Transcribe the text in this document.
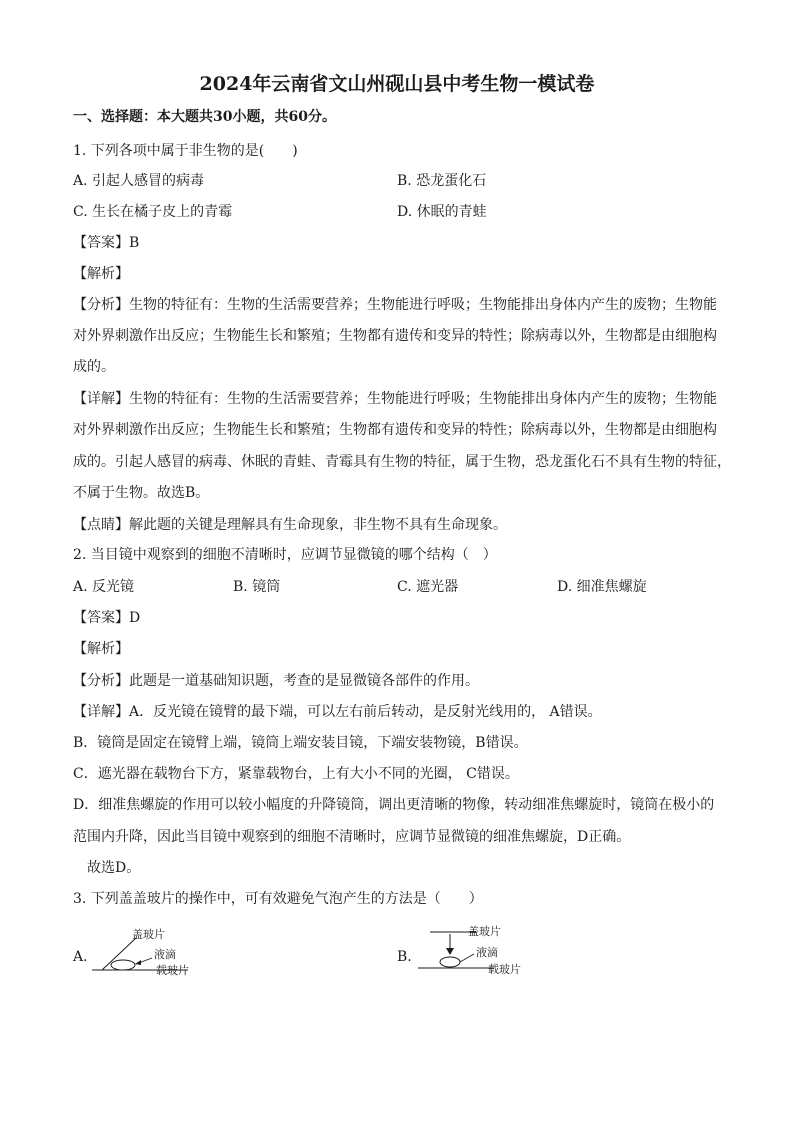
2024年云南省文山州砚山县中考生物一模试卷
一、选择题：本大题共30小题，共60分。
1. 下列各项中属于非生物的是(　　)
A. 引起人感冒的病毒	B. 恐龙蛋化石
C. 生长在橘子皮上的青霉	D. 休眠的青蛙
【答案】B
【解析】
【分析】生物的特征有：生物的生活需要营养；生物能进行呼吸；生物能排出身体内产生的废物；生物能
对外界刺激作出反应；生物能生长和繁殖；生物都有遗传和变异的特性；除病毒以外，生物都是由细胞构
成的。
【详解】生物的特征有：生物的生活需要营养；生物能进行呼吸；生物能排出身体内产生的废物；生物能
对外界刺激作出反应；生物能生长和繁殖；生物都有遗传和变异的特性；除病毒以外，生物都是由细胞构
成的。引起人感冒的病毒、休眠的青蛙、青霉具有生物的特征，属于生物，恐龙蛋化石不具有生物的特征，
不属于生物。故选B。
【点睛】解此题的关键是理解具有生命现象，非生物不具有生命现象。
2. 当目镜中观察到的细胞不清晰时，应调节显微镜的哪个结构（　）
A. 反光镜	B. 镜筒	C. 遮光器	D. 细准焦螺旋
【答案】D
【解析】
【分析】此题是一道基础知识题，考查的是显微镜各部件的作用。
【详解】A．反光镜在镜臂的最下端，可以左右前后转动，是反射光线用的， A错误。
B．镜筒是固定在镜臂上端，镜筒上端安装目镜，下端安装物镜，B错误。
C．遮光器在载物台下方，紧靠载物台，上有大小不同的光圈， C错误。
D．细准焦螺旋的作用可以较小幅度的升降镜筒，调出更清晰的物像，转动细准焦螺旋时，镜筒在极小的
范围内升降，因此当目镜中观察到的细胞不清晰时，应调节显微镜的细准焦螺旋，D正确。
故选D。
3. 下列盖盖玻片的操作中，可有效避免气泡产生的方法是（　　）
A.
盖玻片
液滴
载玻片
B.
盖玻片
液滴
载玻片
